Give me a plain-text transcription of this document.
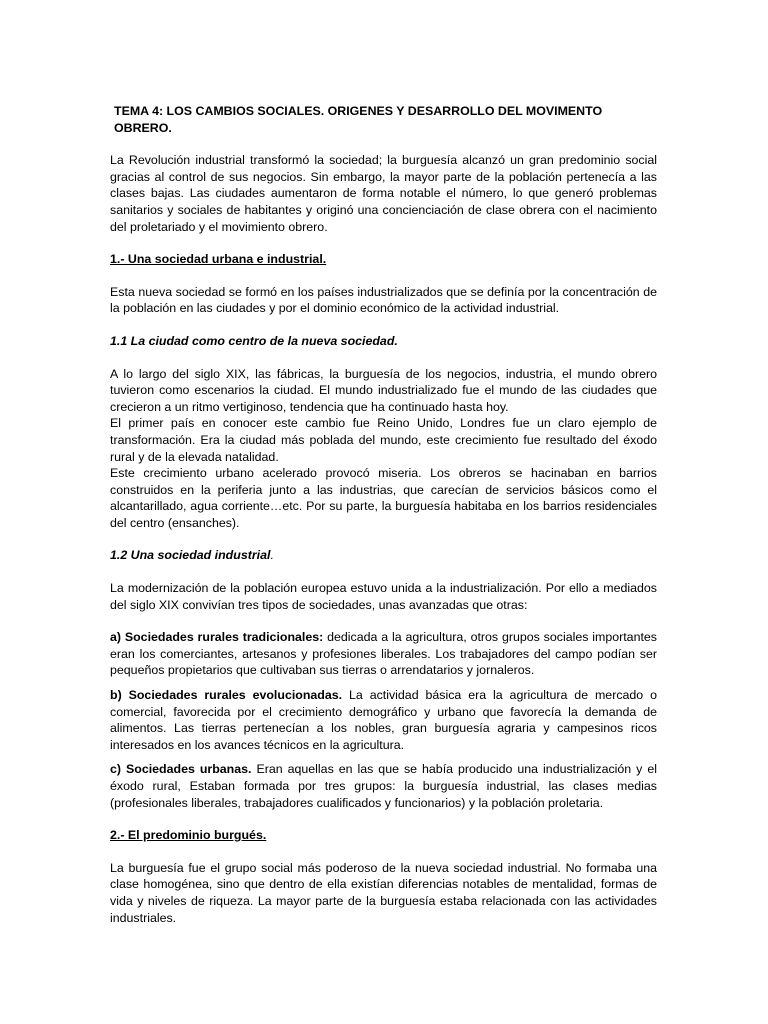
TEMA 4: LOS CAMBIOS SOCIALES. ORIGENES Y DESARROLLO DEL MOVIMENTO OBRERO.

La Revolución industrial transformó la sociedad; la burguesía alcanzó un gran predominio social gracias al control de sus negocios. Sin embargo, la mayor parte de la población pertenecía a las clases bajas. Las ciudades aumentaron de forma notable el número, lo que generó problemas sanitarios y sociales de habitantes y originó una concienciación de clase obrera con el nacimiento del proletariado y el movimiento obrero.

1.- Una sociedad urbana e industrial.

Esta nueva sociedad se formó en los países industrializados que se definía por la concentración de la población en las ciudades y por el dominio económico de la actividad industrial.

1.1 La ciudad como centro de la nueva sociedad.

A lo largo del siglo XIX, las fábricas, la burguesía de los negocios, industria, el mundo obrero tuvieron como escenarios la ciudad. El mundo industrializado fue el mundo de las ciudades que crecieron a un ritmo vertiginoso, tendencia que ha continuado hasta hoy.

El primer país en conocer este cambio fue Reino Unido, Londres fue un claro ejemplo de transformación. Era la ciudad más poblada del mundo, este crecimiento fue resultado del éxodo rural y de la elevada natalidad.

Este crecimiento urbano acelerado provocó miseria. Los obreros se hacinaban en barrios construidos en la periferia junto a las industrias, que carecían de servicios básicos como el alcantarillado, agua corriente…etc. Por su parte, la burguesía habitaba en los barrios residenciales del centro (ensanches).

1.2 Una sociedad industrial.

La modernización de la población europea estuvo unida a la industrialización. Por ello a mediados del siglo XIX convivían tres tipos de sociedades, unas avanzadas que otras:

a) Sociedades rurales tradicionales: dedicada a la agricultura, otros grupos sociales importantes eran los comerciantes, artesanos y profesiones liberales. Los trabajadores del campo podían ser pequeños propietarios que cultivaban sus tierras o arrendatarios y jornaleros.

b) Sociedades rurales evolucionadas. La actividad básica era la agricultura de mercado o comercial, favorecida por el crecimiento demográfico y urbano que favorecía la demanda de alimentos. Las tierras pertenecían a los nobles, gran burguesía agraria y campesinos ricos interesados en los avances técnicos en la agricultura.

c) Sociedades urbanas. Eran aquellas en las que se había producido una industrialización y el éxodo rural, Estaban formada por tres grupos: la burguesía industrial, las clases medias (profesionales liberales, trabajadores cualificados y funcionarios) y la población proletaria.

2.- El predominio burgués.

La burguesía fue el grupo social más poderoso de la nueva sociedad industrial. No formaba una clase homogénea, sino que dentro de ella existían diferencias notables de mentalidad, formas de vida y niveles de riqueza. La mayor parte de la burguesía estaba relacionada con las actividades industriales.
